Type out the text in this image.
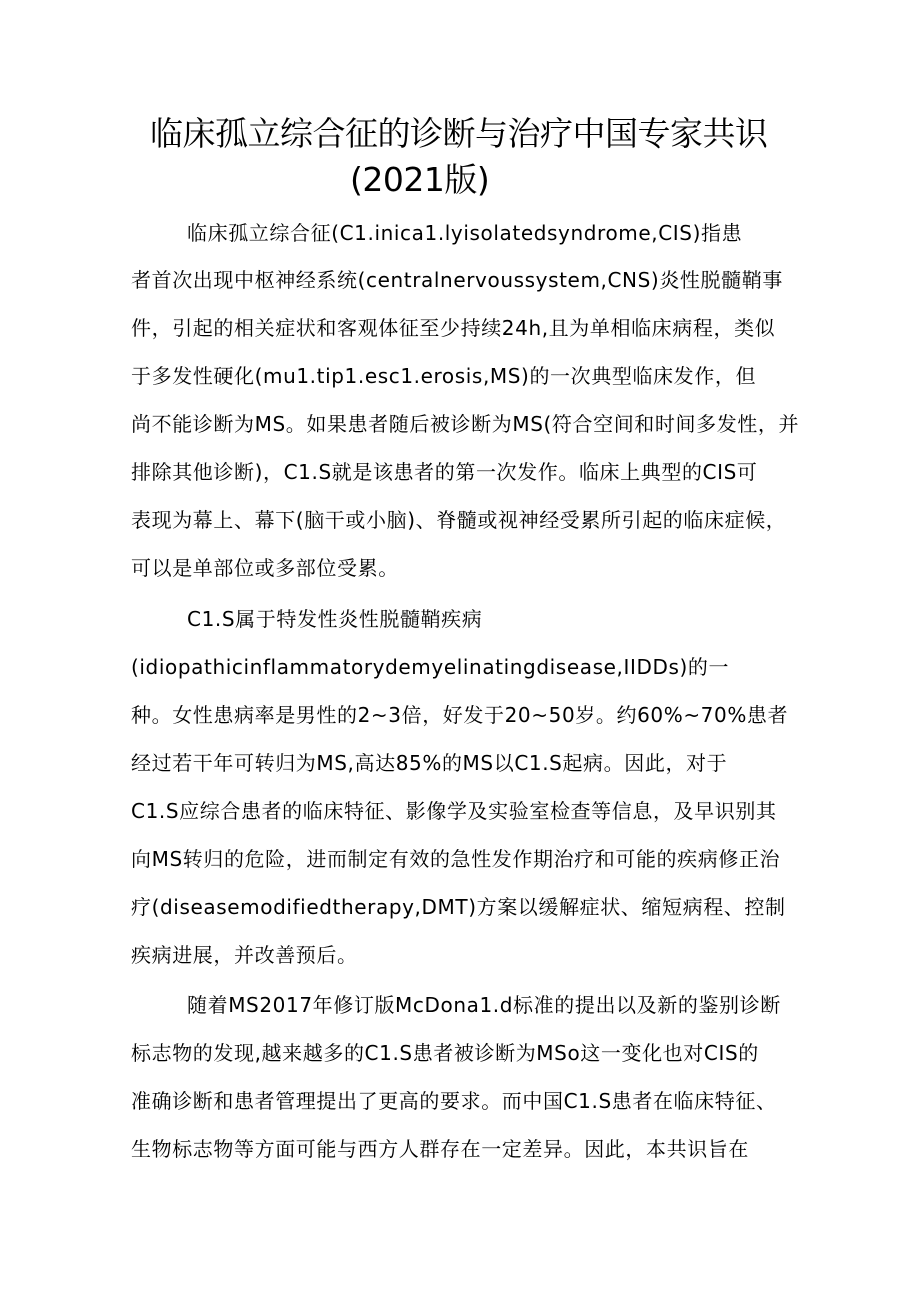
临床孤立综合征的诊断与治疗中国专家共识
(2021版)
临床孤立综合征(C1.inica1.lyisolatedsyndrome,CIS)指患
者首次出现中枢神经系统(centralnervoussystem,CNS)炎性脱髓鞘事
件，引起的相关症状和客观体征至少持续24h,且为单相临床病程，类似
于多发性硬化(mu1.tip1.esc1.erosis,MS)的一次典型临床发作，但
尚不能诊断为MS。如果患者随后被诊断为MS(符合空间和时间多发性，并
排除其他诊断)，C1.S就是该患者的第一次发作。临床上典型的CIS可
表现为幕上、幕下(脑干或小脑)、脊髓或视神经受累所引起的临床症候，
可以是单部位或多部位受累。
C1.S属于特发性炎性脱髓鞘疾病
(idiopathicinflammatorydemyelinatingdisease,IIDDs)的一
种。女性患病率是男性的2~3倍，好发于20~50岁。约60%~70%患者
经过若干年可转归为MS,高达85%的MS以C1.S起病。因此，对于
C1.S应综合患者的临床特征、影像学及实验室检查等信息，及早识别其
向MS转归的危险，进而制定有效的急性发作期治疗和可能的疾病修正治
疗(diseasemodifiedtherapy,DMT)方案以缓解症状、缩短病程、控制
疾病进展，并改善预后。
随着MS2017年修订版McDona1.d标准的提出以及新的鉴别诊断
标志物的发现,越来越多的C1.S患者被诊断为MSo这一变化也对CIS的
准确诊断和患者管理提出了更高的要求。而中国C1.S患者在临床特征、
生物标志物等方面可能与西方人群存在一定差异。因此，本共识旨在
